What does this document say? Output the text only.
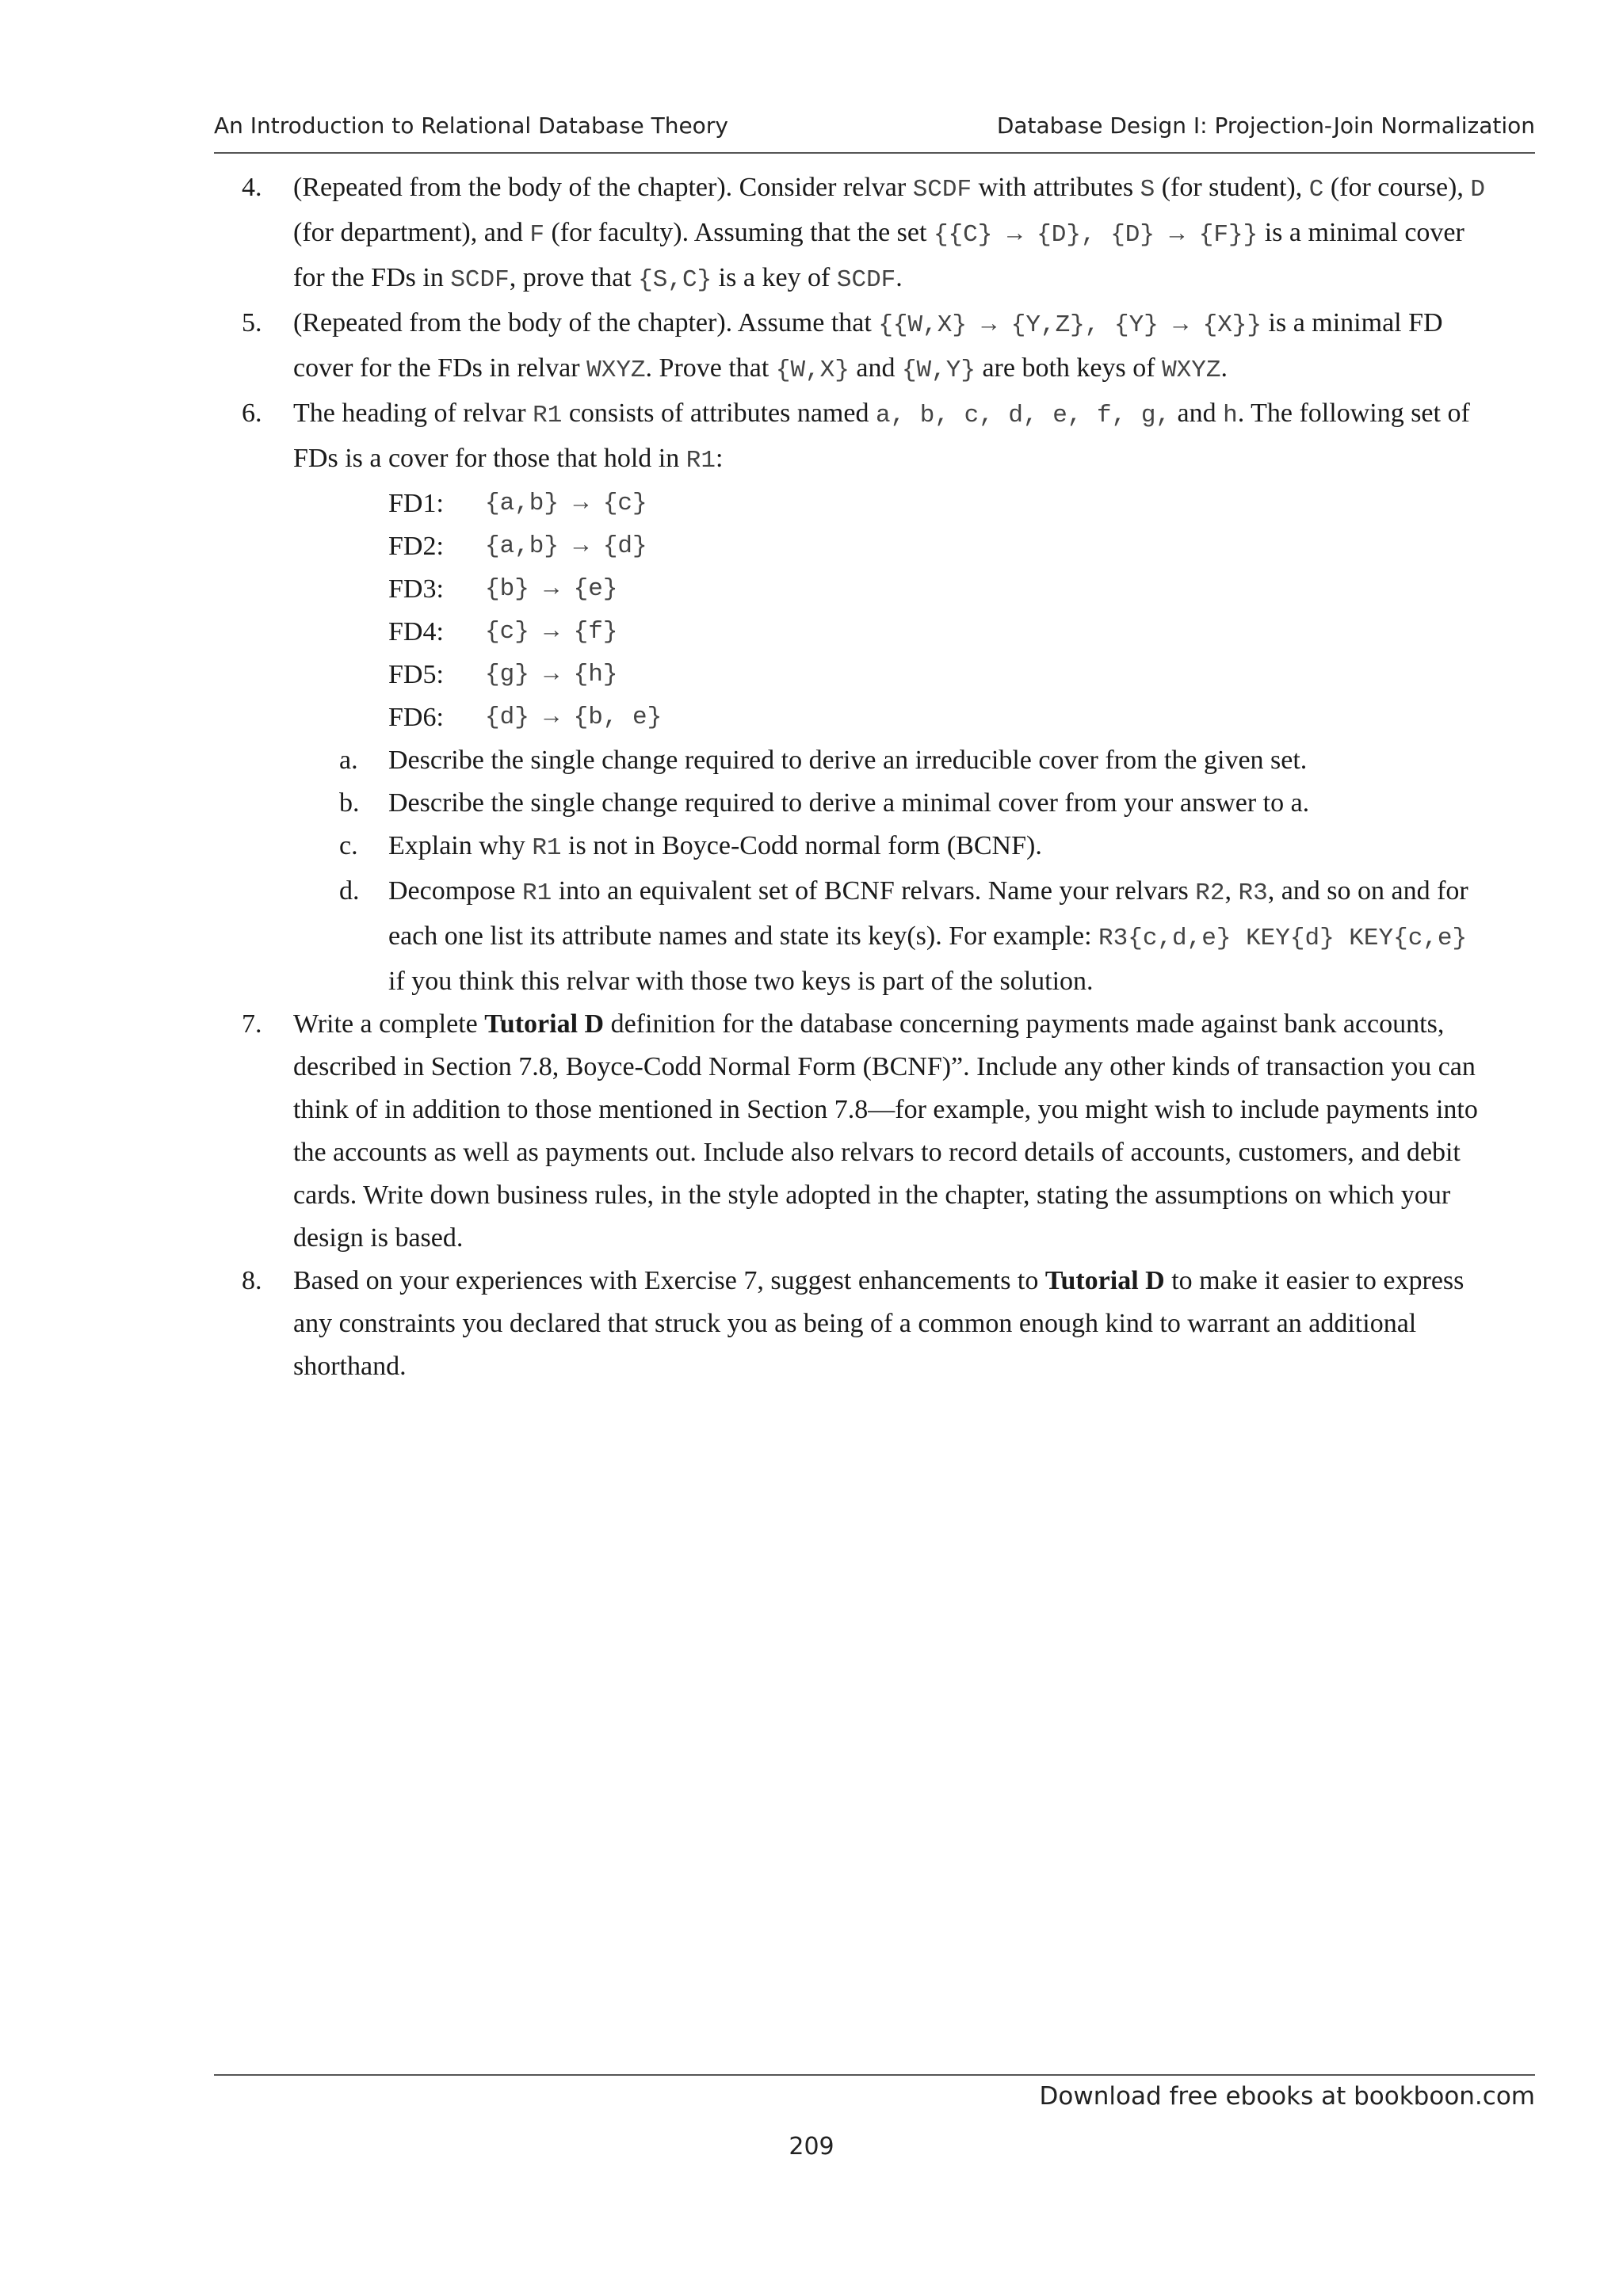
An Introduction to Relational Database Theory	Database Design I: Projection-Join Normalization
4. (Repeated from the body of the chapter). Consider relvar SCDF with attributes S (for student), C (for course), D (for department), and F (for faculty). Assuming that the set {{C} → {D}, {D} → {F}} is a minimal cover for the FDs in SCDF, prove that {S,C} is a key of SCDF.
5. (Repeated from the body of the chapter). Assume that {{W,X} → {Y,Z}, {Y} → {X}} is a minimal FD cover for the FDs in relvar WXYZ. Prove that {W,X} and {W,Y} are both keys of WXYZ.
6. The heading of relvar R1 consists of attributes named a, b, c, d, e, f, g, and h. The following set of FDs is a cover for those that hold in R1:
FD1:	{a,b} → {c}
FD2:	{a,b} → {d}
FD3:	{b} → {e}
FD4:	{c} → {f}
FD5:	{g} → {h}
FD6:	{d} → {b, e}
a. Describe the single change required to derive an irreducible cover from the given set.
b. Describe the single change required to derive a minimal cover from your answer to a.
c. Explain why R1 is not in Boyce-Codd normal form (BCNF).
d. Decompose R1 into an equivalent set of BCNF relvars. Name your relvars R2, R3, and so on and for each one list its attribute names and state its key(s). For example: R3{c,d,e} KEY{d} KEY{c,e} if you think this relvar with those two keys is part of the solution.
7. Write a complete Tutorial D definition for the database concerning payments made against bank accounts, described in Section 7.8, Boyce-Codd Normal Form (BCNF)”. Include any other kinds of transaction you can think of in addition to those mentioned in Section 7.8—for example, you might wish to include payments into the accounts as well as payments out. Include also relvars to record details of accounts, customers, and debit cards. Write down business rules, in the style adopted in the chapter, stating the assumptions on which your design is based.
8. Based on your experiences with Exercise 7, suggest enhancements to Tutorial D to make it easier to express any constraints you declared that struck you as being of a common enough kind to warrant an additional shorthand.
Download free ebooks at bookboon.com
209
